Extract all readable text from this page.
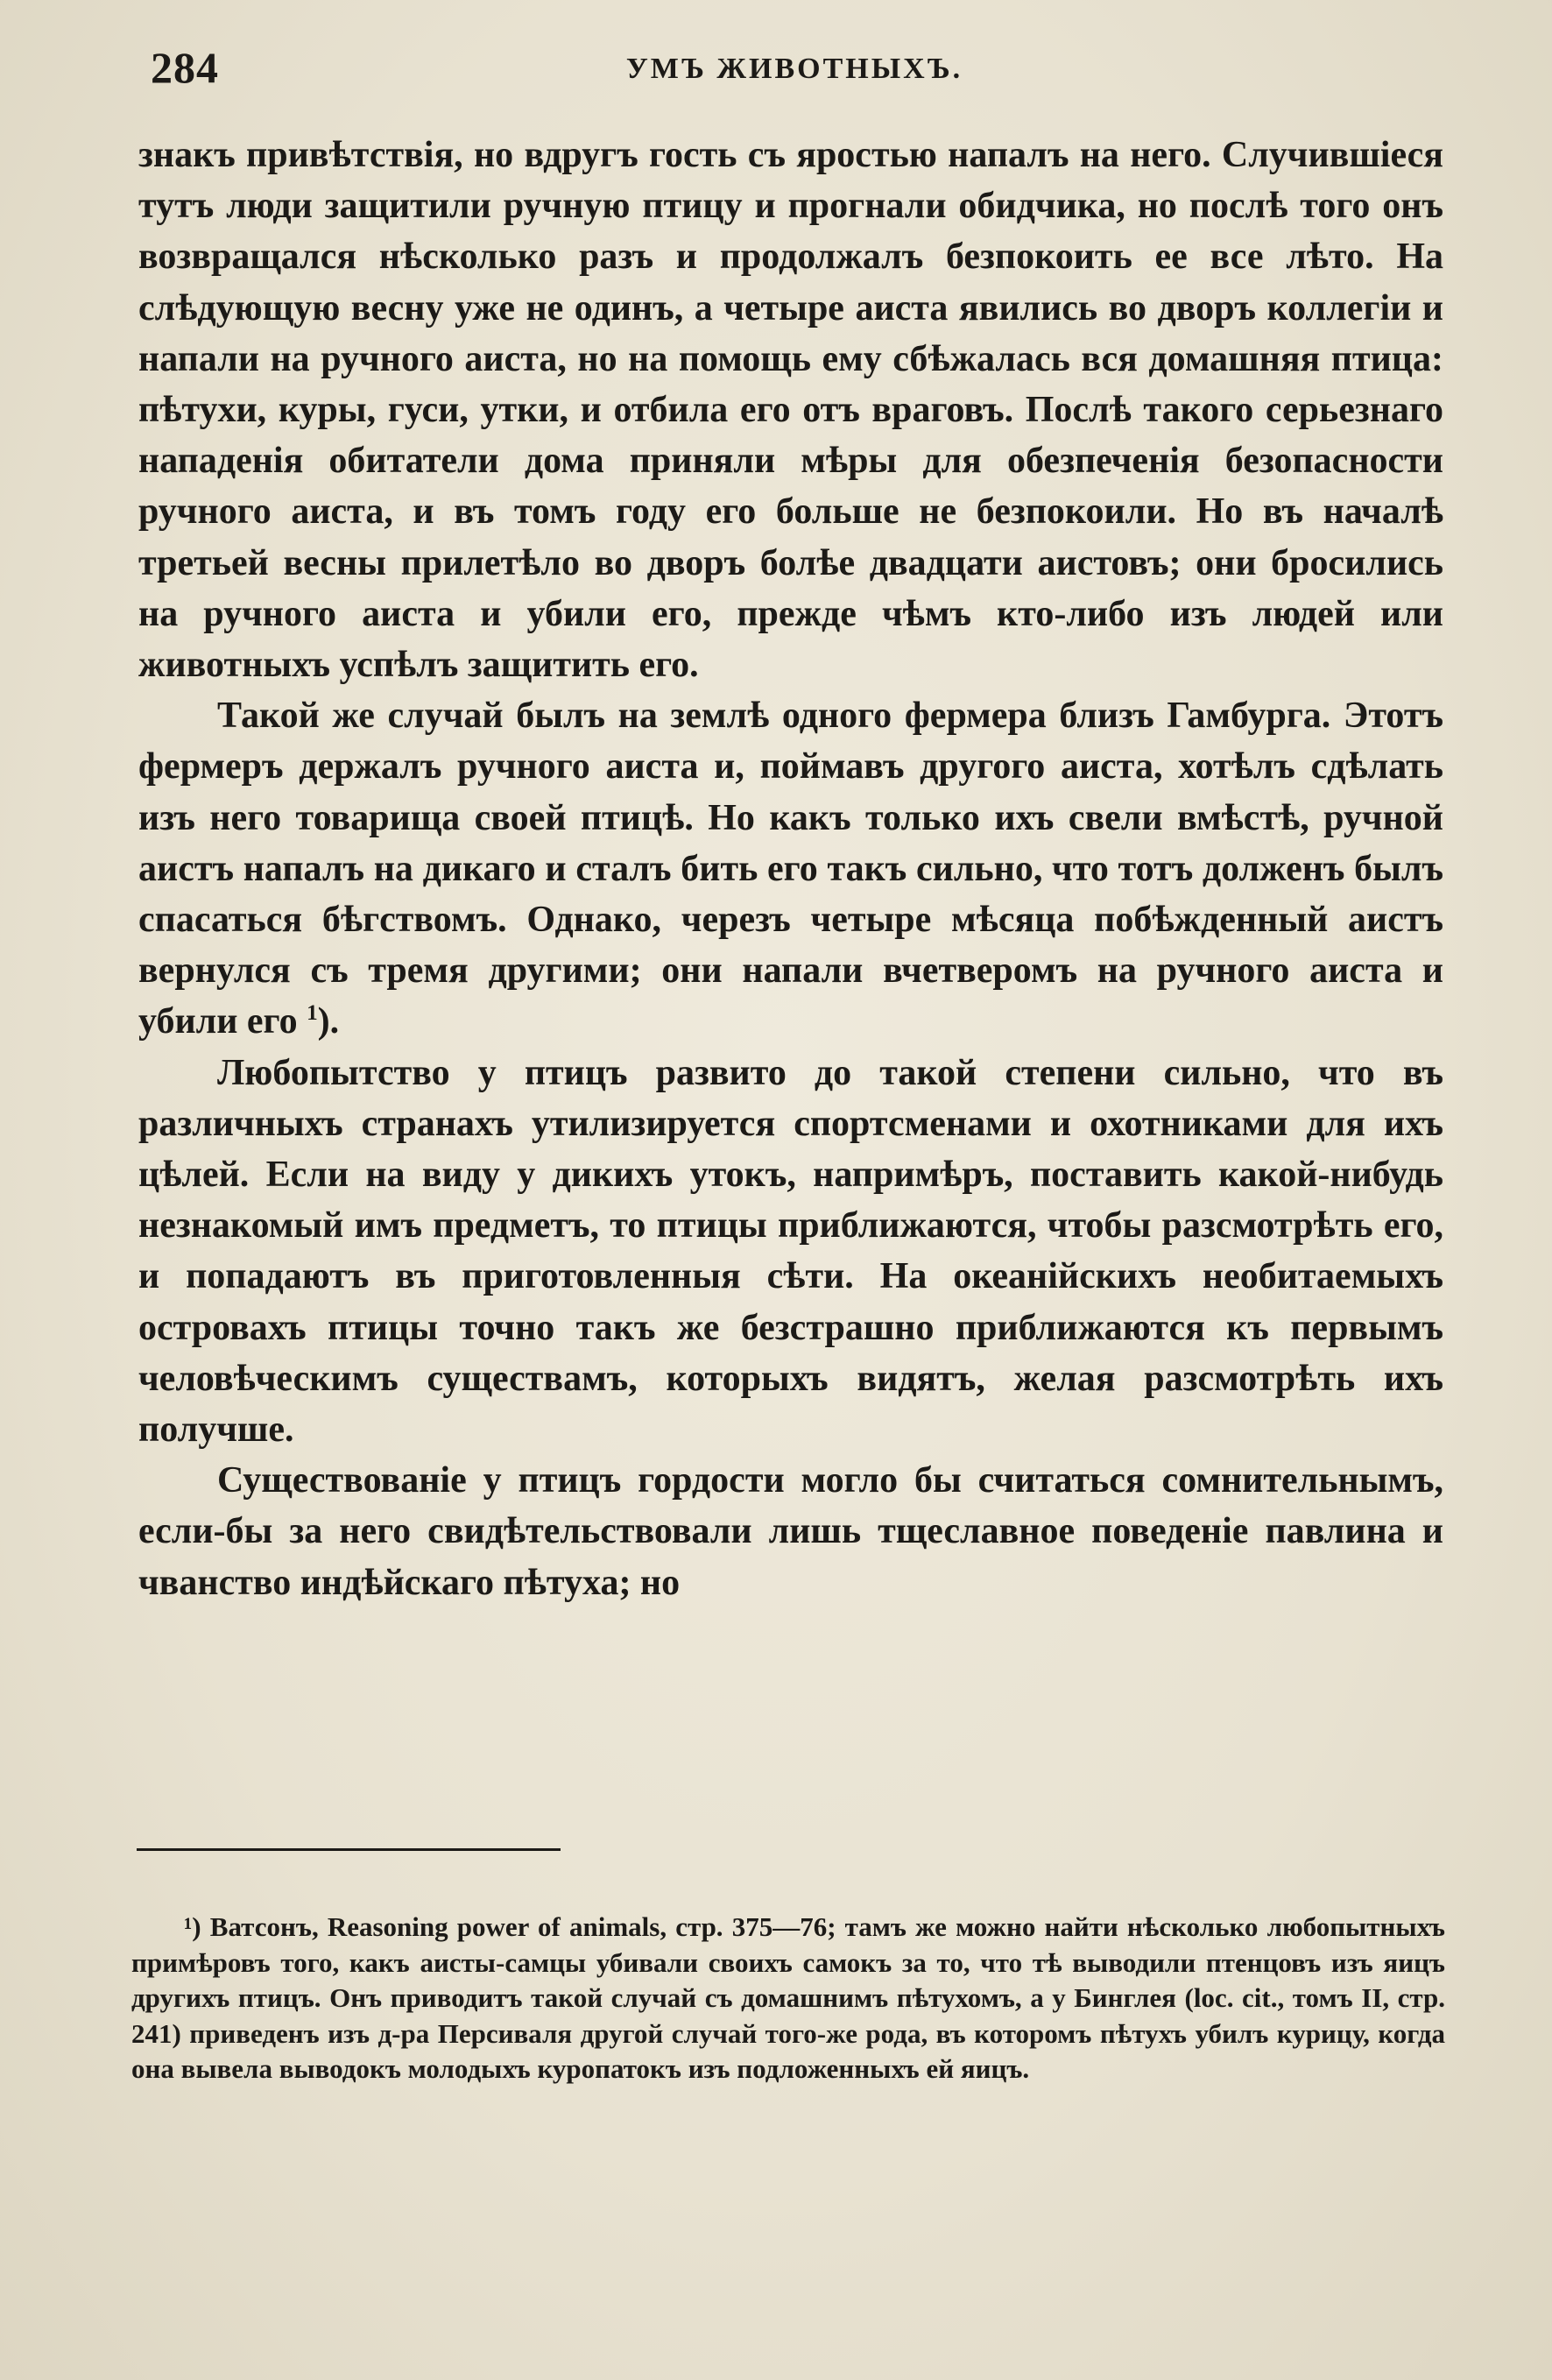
284	УМЪ ЖИВОТНЫХЪ.

знакъ привѣтствія, но вдругъ гость съ яростью напалъ на него. Случившіеся тутъ люди защитили ручную птицу и прогнали обидчика, но послѣ того онъ возвращался нѣсколько разъ и продолжалъ безпокоить ее все лѣто. На слѣдующую весну уже не одинъ, а четыре аиста явились во дворъ коллегіи и напали на ручного аиста, но на помощь ему сбѣжалась вся домашняя птица: пѣтухи, куры, гуси, утки, и отбила его отъ враговъ. Послѣ такого серьезнаго нападенія обитатели дома приняли мѣры для обезпеченія безопасности ручного аиста, и въ томъ году его больше не безпокоили. Но въ началѣ третьей весны прилетѣло во дворъ болѣе двадцати аистовъ; они бросились на ручного аиста и убили его, прежде чѣмъ кто-либо изъ людей или животныхъ успѣлъ защитить его.

Такой же случай былъ на землѣ одного фермера близъ Гамбурга. Этотъ фермеръ держалъ ручного аиста и, поймавъ другого аиста, хотѣлъ сдѣлать изъ него товарища своей птицѣ. Но какъ только ихъ свели вмѣстѣ, ручной аистъ напалъ на дикаго и сталъ бить его такъ сильно, что тотъ долженъ былъ спасаться бѣгствомъ. Однако, черезъ четыре мѣсяца побѣжденный аистъ вернулся съ тремя другими; они напали вчетверомъ на ручного аиста и убили его $^1$).

Любопытство у птицъ развито до такой степени сильно, что въ различныхъ странахъ утилизируется спортсменами и охотниками для ихъ цѣлей. Если на виду у дикихъ утокъ, напримѣръ, поставить какой-нибудь незнакомый имъ предметъ, то птицы приближаются, чтобы разсмотрѣть его, и попадаютъ въ приготовленныя сѣти. На океанійскихъ необитаемыхъ островахъ птицы точно такъ же безстрашно приближаются къ первымъ человѣческимъ существамъ, которыхъ видятъ, желая разсмотрѣть ихъ получше.

Существованіе у птицъ гордости могло бы считаться сомнительнымъ, если-бы за него свидѣтельствовали лишь тщеславное поведеніе павлина и чванство индѣйскаго пѣтуха; но

¹) Ватсонъ, Reasoning power of animals, стр. 375—76; тамъ же можно найти нѣсколько любопытныхъ примѣровъ того, какъ аисты-самцы убивали своихъ самокъ за то, что тѣ выводили птенцовъ изъ яицъ другихъ птицъ. Онъ приводитъ такой случай съ домашнимъ пѣтухомъ, а у Бинглея (loc. cit., томъ II, стр. 241) приведенъ изъ д-ра Персиваля другой случай того-же рода, въ которомъ пѣтухъ убилъ курицу, когда она вывела выводокъ молодыхъ куропатокъ изъ подложенныхъ ей яицъ.
